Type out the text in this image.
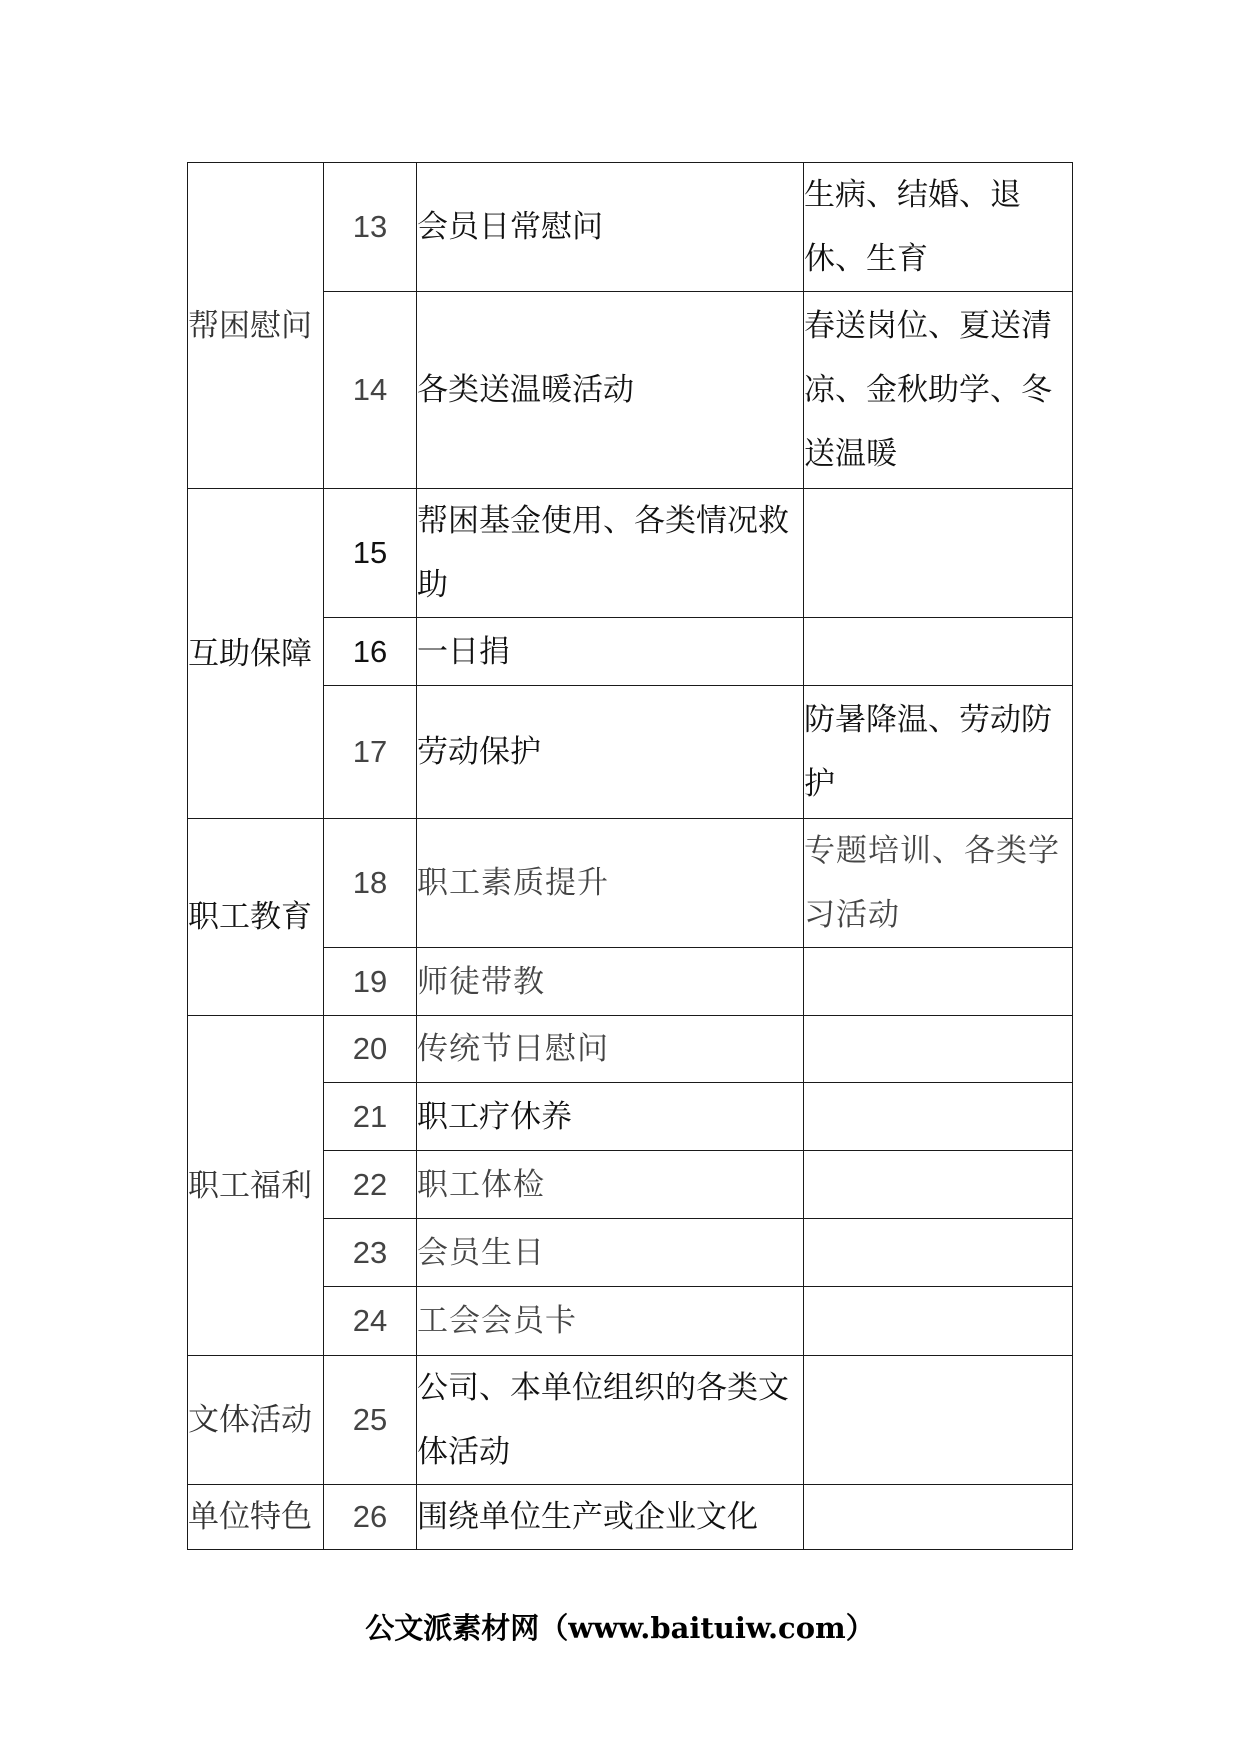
帮困慰问	13	会员日常慰问	生病、结婚、退休、生育
	14	各类送温暖活动	春送岗位、夏送清凉、金秋助学、冬送温暖
互助保障	15	帮困基金使用、各类情况救助	
	16	一日捐	
	17	劳动保护	防暑降温、劳动防护
职工教育	18	职工素质提升	专题培训、各类学习活动
	19	师徒带教	
职工福利	20	传统节日慰问	
	21	职工疗休养	
	22	职工体检	
	23	会员生日	
	24	工会会员卡	
文体活动	25	公司、本单位组织的各类文体活动	
单位特色	26	围绕单位生产或企业文化	
公文派素材网（www.baituiw.com）
